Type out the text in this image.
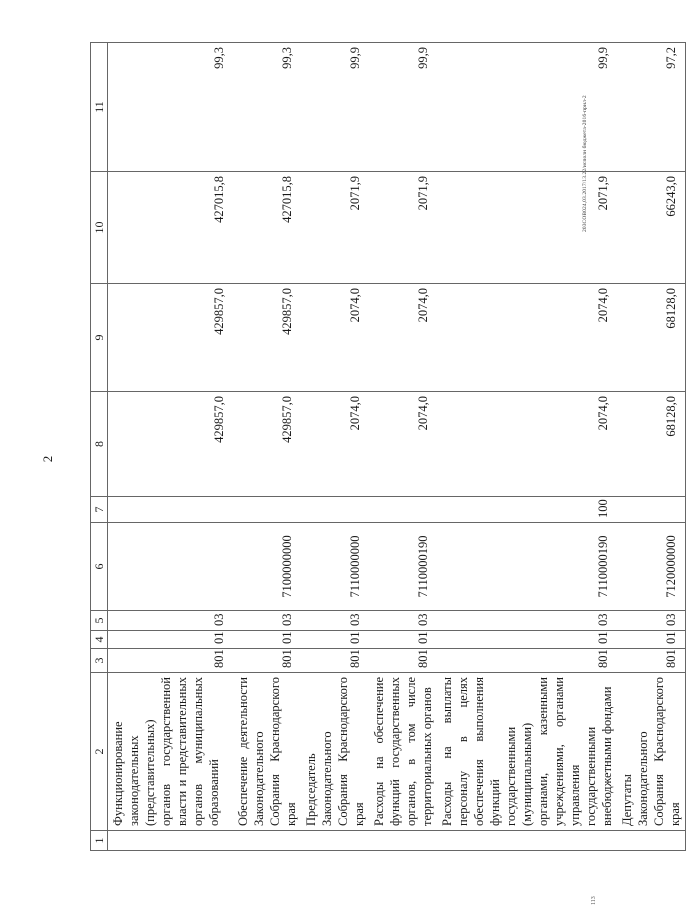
2
203COB024,03.2017/13.22/исполн бюджета-2016-прил-2
113
1	2	3	4	5	6	7	8	9	10	11
	Функционирование законодательных (представительных) органов государственной власти и представительных органов муниципальных образований	801	01	03			429857,0	429857,0	427015,8	99,3
	Обеспечение деятельности Законодательного Собрания Краснодарского края	801	01	03	7100000000		429857,0	429857,0	427015,8	99,3
	Председатель Законодательного Собрания Краснодарского края	801	01	03	7110000000		2074,0	2074,0	2071,9	99,9
	Расходы на обеспечение функций государственных органов, в том числе территориальных органов	801	01	03	7110000190		2074,0	2074,0	2071,9	99,9
	Расходы на выплаты персоналу в целях обеспечения выполнения функций государственными (муниципальными) органами, казенными учреждениями, органами управления государственными внебюджетными фондами	801	01	03	7110000190	100	2074,0	2074,0	2071,9	99,9
	Депутаты Законодательного Собрания Краснодарского края	801	01	03	7120000000		68128,0	68128,0	66243,0	97,2
